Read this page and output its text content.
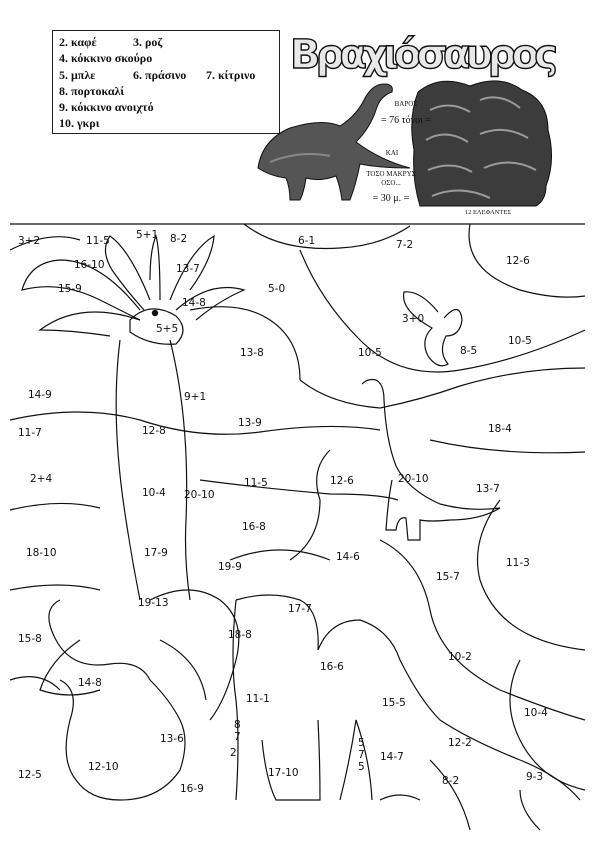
2. καφέ	3. ροζ
4. κόκκινο σκούρο
5. μπλε	6. πράσινο 7. κίτρινο
8. πορτοκαλί
9. κόκκινο ανοιχτό
10. γκρι
Βραχιόσαυρος
ΒΑΡΟΣ
= 76 τόνοι =
ΚΑΙ
ΤΟΣΟ ΜΑΚΡΥΣ
ΟΣΟ...
= 30 μ. =
12 ΕΛΕΦΑΝΤΕΣ
3+2	11-5 5+1 8-2	6-1	7-2
12-6
16-10	13-7
15-9
14-8
5-0
5+5
3+0
10-5	8-5
10-5
13-8
14-9	9+1
13-9
11-7	12-8	18-4
2+4
10-4 20-10
11-5	12-6	20-10
13-7
16-8
18-10	17-9	14-6	11-3
19-9
15-7
19-13	17-7
15-8	18-8
16-6
10-2
14-8
11-1	15-5
10-4
13-6
8
7
2
5
7
5
14-7
12-2
12-5
12-10	17-10
16-9
8-2	9-3
